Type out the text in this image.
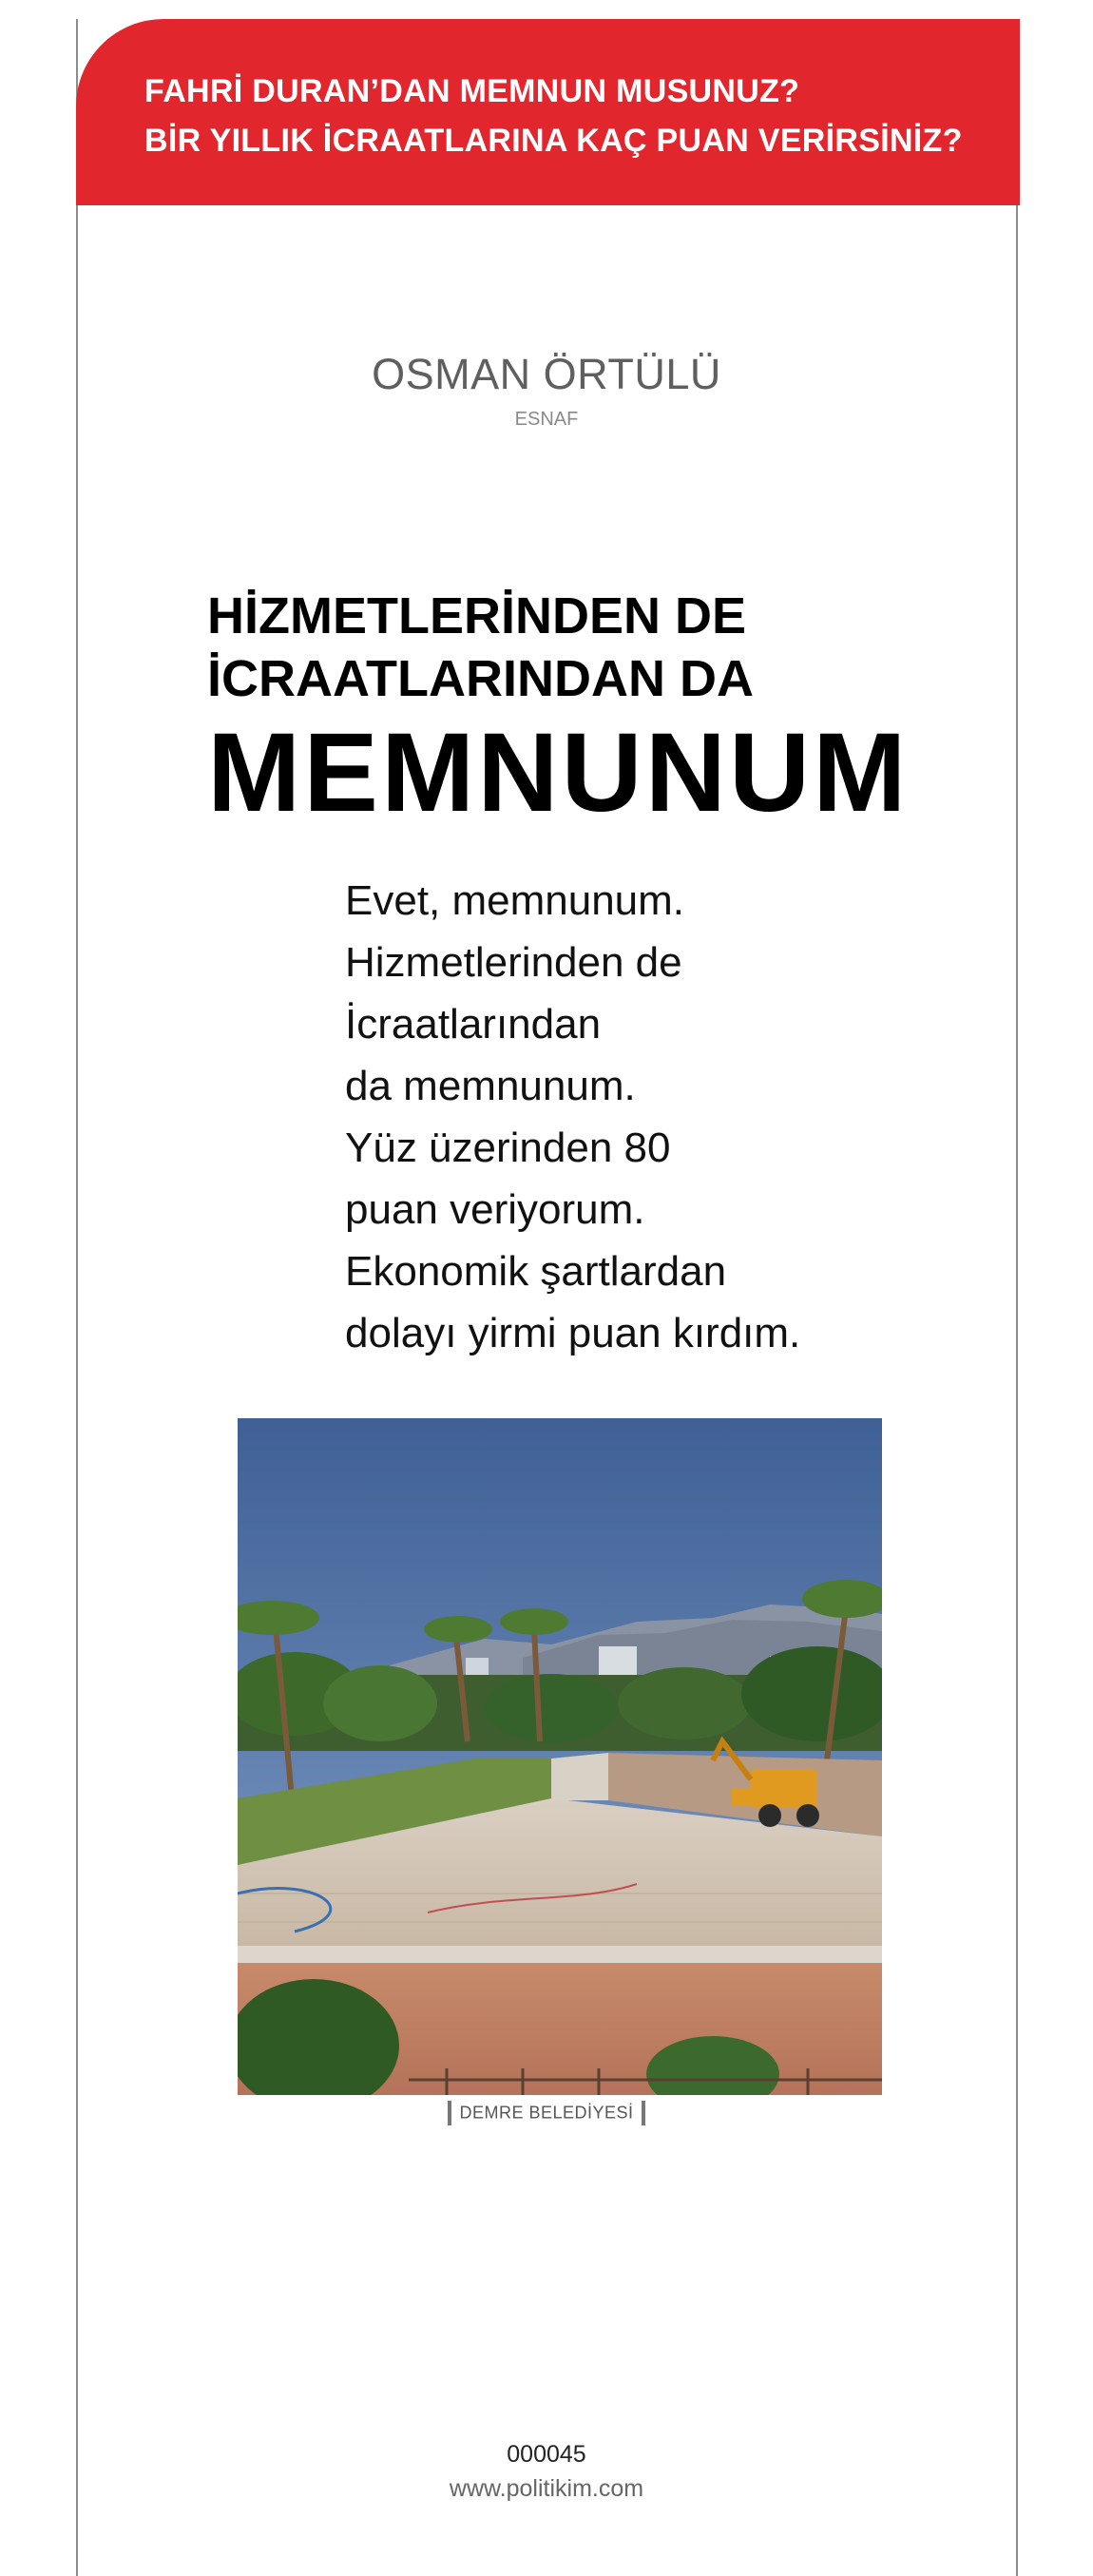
FAHRİ DURAN’DAN MEMNUN MUSUNUZ?
BİR YILLIK İCRAATLARINA KAÇ PUAN VERİRSİNİZ?
OSMAN ÖRTÜLÜ
ESNAF
HİZMETLERİNDEN DE
İCRAATLARINDAN DA
MEMNUNUM
Evet, memnunum.
Hizmetlerinden de
İcraatlarından
da memnunum.
Yüz üzerinden 80
puan veriyorum.
Ekonomik şartlardan
dolayı yirmi puan kırdım.
DEMRE BELEDİYESİ
000045
www.politikim.com
